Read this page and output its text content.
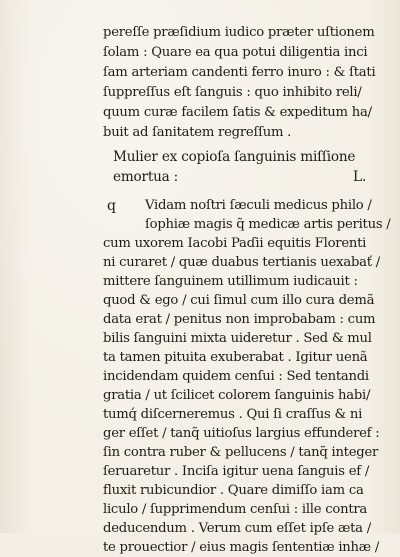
pereſſe præſidium iudico præter uſtionem
ſolam : Quare ea qua potui diligentia inci
ſam arteriam candenti ferro inuro : & ſtati
ſuppreſſus eſt ſanguis : quo inhibito reli/
quum curæ facilem ſatis & expeditum ha/
buit ad ſanitatem regreſſum .
Mulier ex copioſa ſanguinis miſſione
emortua :	L.
q Vidam noſtri ſæculi medicus philo /
ſophiæ magis q̃ medicæ artis peritus /
cum uxorem Iacobi Paɗii equitis Florenti
ni curaret / quæ duabus tertianis uexabať /
mittere ſanguinem utillimum iudicauit :
quod & ego / cui ſimul cum illo cura demã
data erat / penitus non improbabam : cum
bilis ſanguini mixta uideretur . Sed & mul
ta tamen pituita exuberabat . Igitur uenã
incidendam quidem cenſui : Sed tentandi
gratia / ut ſcilicet colorem ſanguinis habi/
tumq́ diſcerneremus . Qui ſi craſſus & ni
ger eſſet / tanq̃ uitioſus largius effunderef :
ſin contra ruber & pellucens / tanq̃ integer
ſeruaretur . Inciſa igitur uena ſanguis ef /
fluxit rubicundior . Quare dimiſſo iam ca
liculo / ſupprimendum cenſui : ille contra
deducendum . Verum cum eſſet ipſe æta /
te prouectior / eius magis ſententiæ inhæ /
